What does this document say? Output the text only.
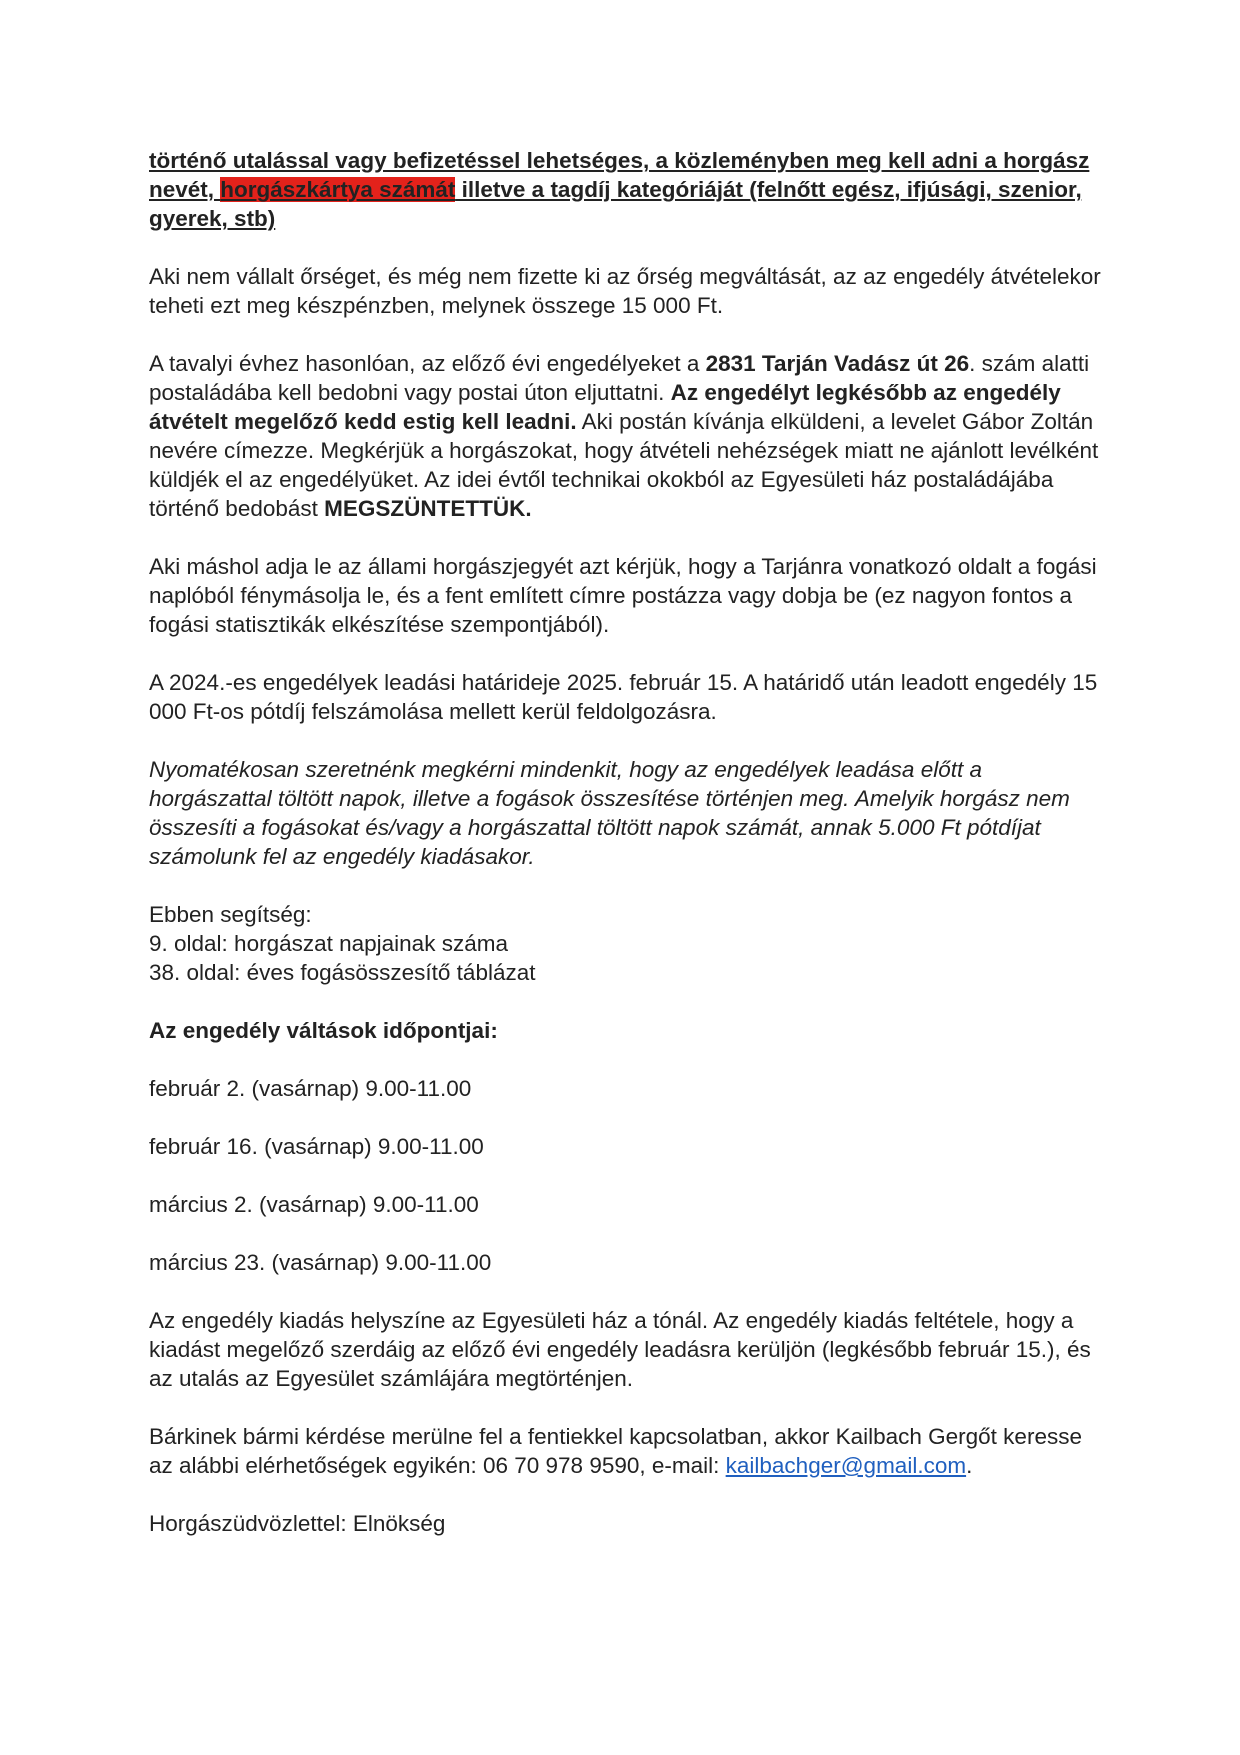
történő utalással vagy befizetéssel lehetséges, a közleményben meg kell adni a horgász nevét, horgászkártya számát illetve a tagdíj kategóriáját (felnőtt egész, ifjúsági, szenior, gyerek, stb)

Aki nem vállalt őrséget, és még nem fizette ki az őrség megváltását, az az engedély átvételekor teheti ezt meg készpénzben, melynek összege 15 000 Ft.

A tavalyi évhez hasonlóan, az előző évi engedélyeket a 2831 Tarján Vadász út 26. szám alatti postaládába kell bedobni vagy postai úton eljuttatni. Az engedélyt legkésőbb az engedély átvételt megelőző kedd estig kell leadni. Aki postán kívánja elküldeni, a levelet Gábor Zoltán nevére címezze. Megkérjük a horgászokat, hogy átvételi nehézségek miatt ne ajánlott levélként küldjék el az engedélyüket. Az idei évtől technikai okokból az Egyesületi ház postaládájába történő bedobást MEGSZÜNTETTÜK.

Aki máshol adja le az állami horgászjegyét azt kérjük, hogy a Tarjánra vonatkozó oldalt a fogási naplóból fénymásolja le, és a fent említett címre postázza vagy dobja be (ez nagyon fontos a fogási statisztikák elkészítése szempontjából).

A 2024.-es engedélyek leadási határideje 2025. február 15. A határidő után leadott engedély 15 000 Ft-os pótdíj felszámolása mellett kerül feldolgozásra.

Nyomatékosan szeretnénk megkérni mindenkit, hogy az engedélyek leadása előtt a horgászattal töltött napok, illetve a fogások összesítése történjen meg. Amelyik horgász nem összesíti a fogásokat és/vagy a horgászattal töltött napok számát, annak 5.000 Ft pótdíjat számolunk fel az engedély kiadásakor.

Ebben segítség:

9. oldal: horgászat napjainak száma

38. oldal: éves fogásösszesítő táblázat

Az engedély váltások időpontjai:

február 2. (vasárnap) 9.00-11.00

február 16. (vasárnap) 9.00-11.00

március 2. (vasárnap) 9.00-11.00

március 23. (vasárnap) 9.00-11.00

Az engedély kiadás helyszíne az Egyesületi ház a tónál. Az engedély kiadás feltétele, hogy a kiadást megelőző szerdáig az előző évi engedély leadásra kerüljön (legkésőbb február 15.), és az utalás az Egyesület számlájára megtörténjen.

Bárkinek bármi kérdése merülne fel a fentiekkel kapcsolatban, akkor Kailbach Gergőt keresse az alábbi elérhetőségek egyikén: 06 70 978 9590, e-mail: kailbachger@gmail.com.

Horgászüdvözlettel: Elnökség
